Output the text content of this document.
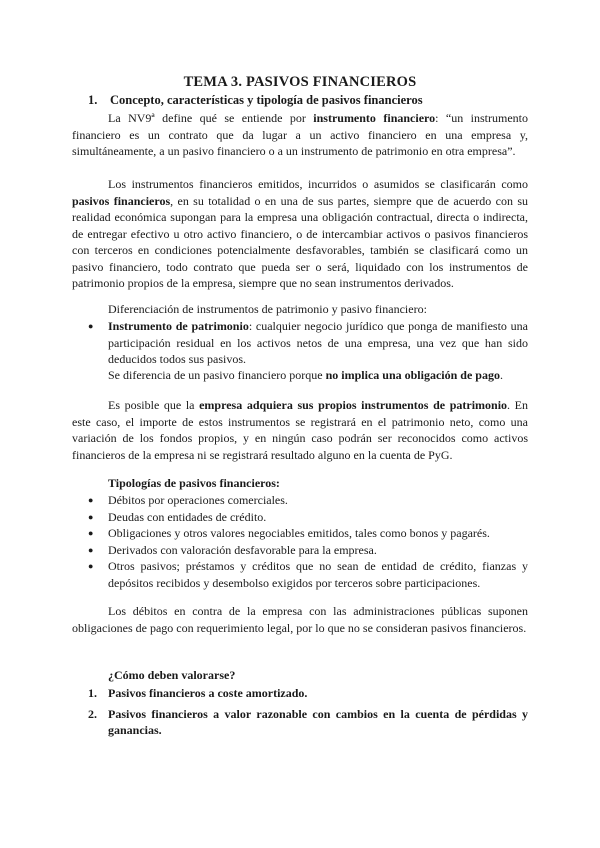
TEMA 3. PASIVOS FINANCIEROS
1. Concepto, características y tipología de pasivos financieros

La NV9ª define qué se entiende por instrumento financiero: “un instrumento financiero es un contrato que da lugar a un activo financiero en una empresa y, simultáneamente, a un pasivo financiero o a un instrumento de patrimonio en otra empresa”.

Los instrumentos financieros emitidos, incurridos o asumidos se clasificarán como pasivos financieros, en su totalidad o en una de sus partes, siempre que de acuerdo con su realidad económica supongan para la empresa una obligación contractual, directa o indirecta, de entregar efectivo u otro activo financiero, o de intercambiar activos o pasivos financieros con terceros en condiciones potencialmente desfavorables, también se clasificará como un pasivo financiero, todo contrato que pueda ser o será, liquidado con los instrumentos de patrimonio propios de la empresa, siempre que no sean instrumentos derivados.

Diferenciación de instrumentos de patrimonio y pasivo financiero:

● Instrumento de patrimonio: cualquier negocio jurídico que ponga de manifiesto una participación residual en los activos netos de una empresa, una vez que han sido deducidos todos sus pasivos.

Se diferencia de un pasivo financiero porque no implica una obligación de pago.

Es posible que la empresa adquiera sus propios instrumentos de patrimonio. En este caso, el importe de estos instrumentos se registrará en el patrimonio neto, como una variación de los fondos propios, y en ningún caso podrán ser reconocidos como activos financieros de la empresa ni se registrará resultado alguno en la cuenta de PyG.

Tipologías de pasivos financieros:
● Débitos por operaciones comerciales.
● Deudas con entidades de crédito.
● Obligaciones y otros valores negociables emitidos, tales como bonos y pagarés.
● Derivados con valoración desfavorable para la empresa.
● Otros pasivos; préstamos y créditos que no sean de entidad de crédito, fianzas y depósitos recibidos y desembolso exigidos por terceros sobre participaciones.

Los débitos en contra de la empresa con las administraciones públicas suponen obligaciones de pago con requerimiento legal, por lo que no se consideran pasivos financieros.

¿Cómo deben valorarse?
1. Pasivos financieros a coste amortizado.
2. Pasivos financieros a valor razonable con cambios en la cuenta de pérdidas y ganancias.
